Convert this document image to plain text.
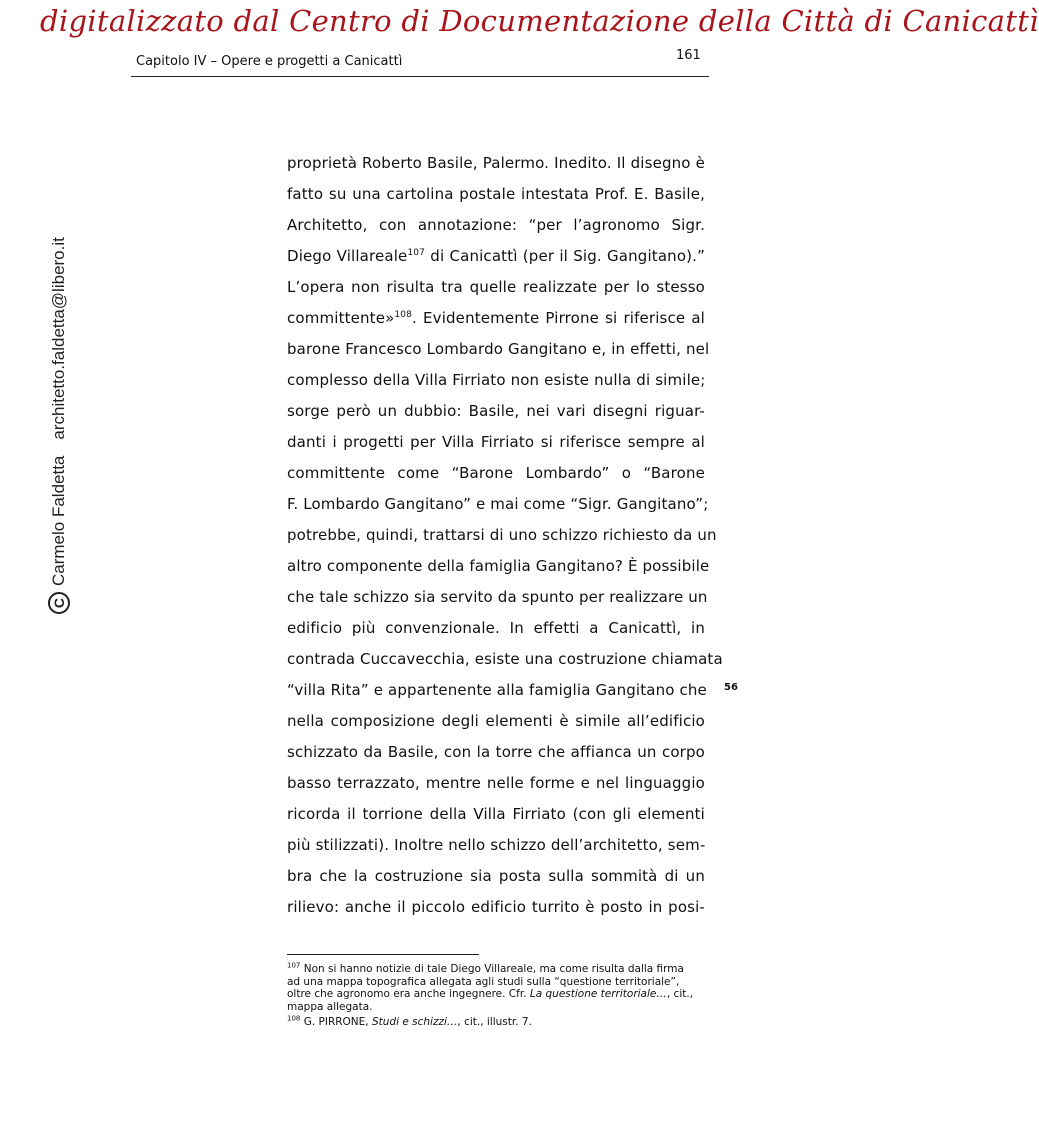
digitalizzato dal Centro di Documentazione della Città di Canicattì
Capitolo IV – Opere e progetti a Canicattì	161
C
Carmelo Faldetta
architetto.faldetta@libero.it
proprietà Roberto Basile, Palermo. Inedito. Il disegno è
fatto su una cartolina postale intestata Prof. E. Basile,
Architetto, con annotazione: “per l’agronomo Sigr.
Diego Villareale$^{107}$ di Canicattì (per il Sig. Gangitano).”
L’opera non risulta tra quelle realizzate per lo stesso
committente»$^{108}$. Evidentemente Pirrone si riferisce al
barone Francesco Lombardo Gangitano e, in effetti, nel
complesso della Villa Firriato non esiste nulla di simile;
sorge però un dubbio: Basile, nei vari disegni riguar-
danti i progetti per Villa Firriato si riferisce sempre al
committente come “Barone Lombardo” o “Barone
F. Lombardo Gangitano” e mai come “Sigr. Gangitano”;
potrebbe, quindi, trattarsi di uno schizzo richiesto da un
altro componente della famiglia Gangitano? È possibile
che tale schizzo sia servito da spunto per realizzare un
edificio più convenzionale. In effetti a Canicattì, in
contrada Cuccavecchia, esiste una costruzione chiamata
“villa Rita” e appartenente alla famiglia Gangitano che
nella composizione degli elementi è simile all’edificio
schizzato da Basile, con la torre che affianca un corpo
basso terrazzato, mentre nelle forme e nel linguaggio
ricorda il torrione della Villa Firriato (con gli elementi
più stilizzati). Inoltre nello schizzo dell’architetto, sem-
bra che la costruzione sia posta sulla sommità di un
rilievo: anche il piccolo edificio turrito è posto in posi-
56
$^{107}$ Non si hanno notizie di tale Diego Villareale, ma come risulta dalla firma
ad una mappa topografica allegata agli studi sulla “questione territoriale”,
oltre che agronomo era anche ingegnere. Cfr. La questione territoriale…, cit.,
mappa allegata.
$^{108}$ G. PIRRONE, Studi e schizzi…, cit., illustr. 7.
